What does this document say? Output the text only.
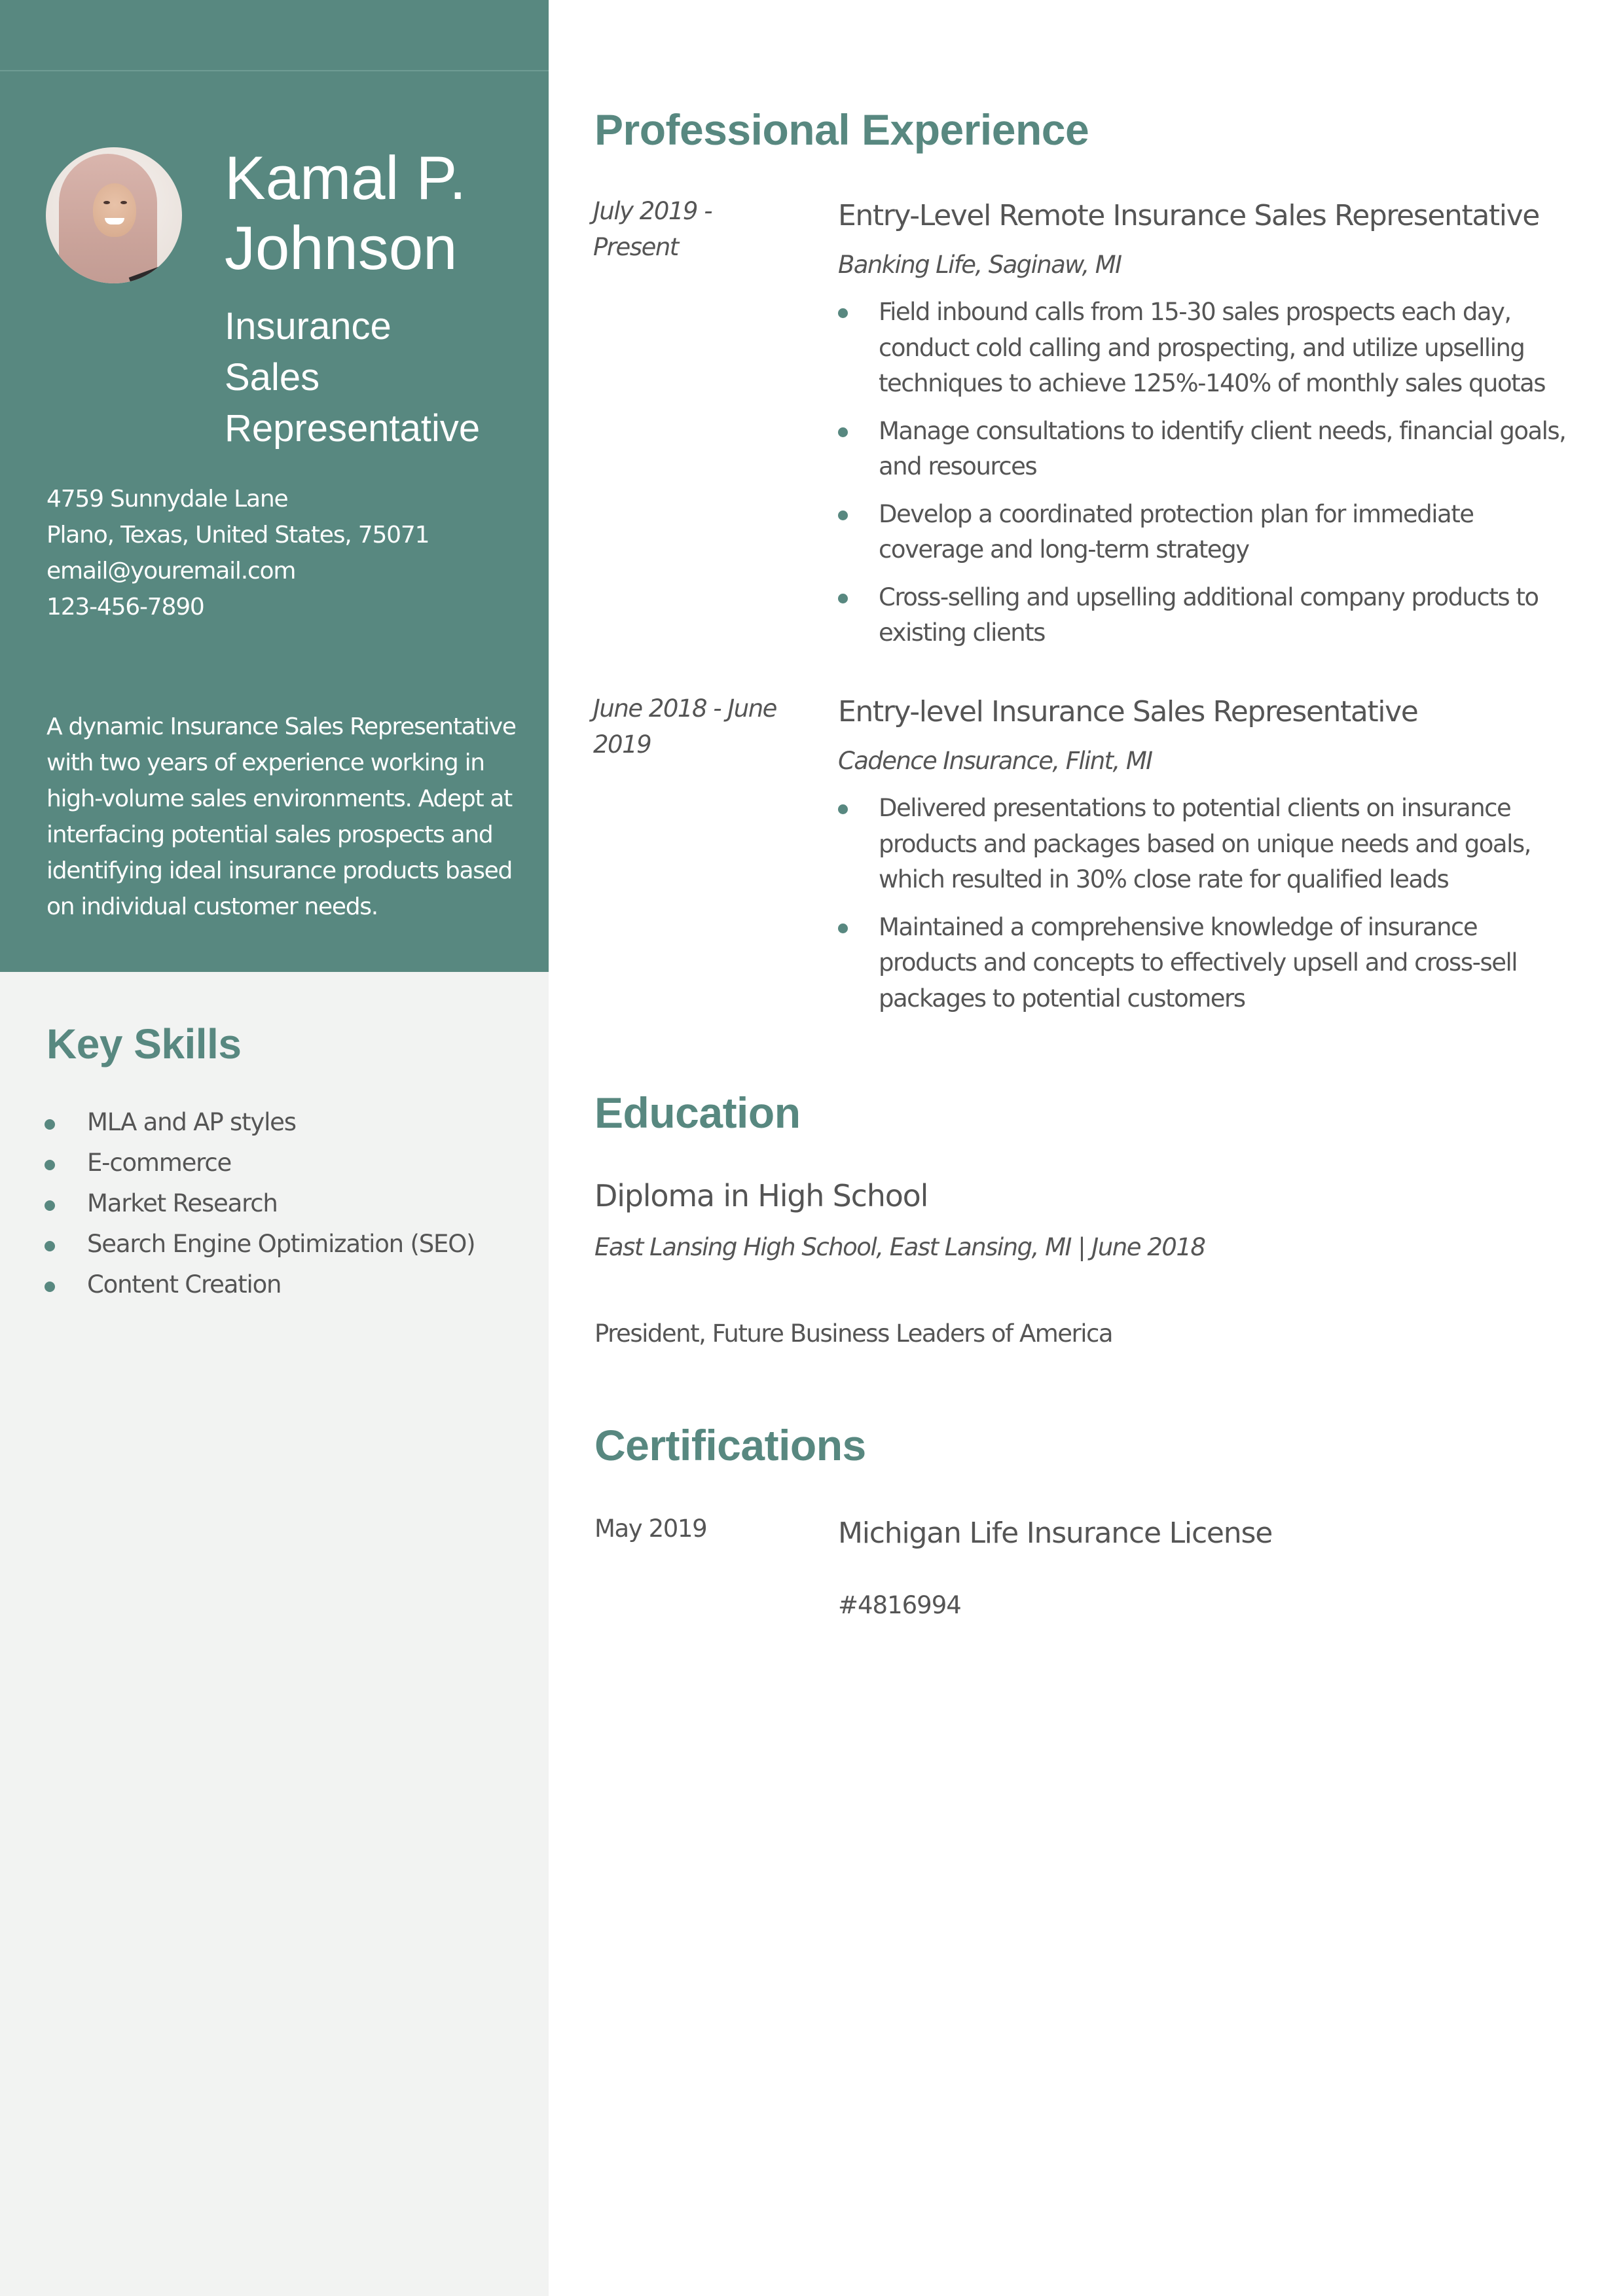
Kamal P.
Johnson
Insurance
Sales
Representative
4759 Sunnydale Lane
Plano, Texas, United States, 75071
email@youremail.com
123-456-7890
A dynamic Insurance Sales Representative with two years of experience working in high-volume sales environments. Adept at interfacing potential sales prospects and identifying ideal insurance products based on individual customer needs.
Key Skills
MLA and AP styles
E-commerce
Market Research
Search Engine Optimization (SEO)
Content Creation
Professional Experience
July 2019 - Present
Entry-Level Remote Insurance Sales Representative
Banking Life, Saginaw, MI
Field inbound calls from 15-30 sales prospects each day, conduct cold calling and prospecting, and utilize upselling techniques to achieve 125%-140% of monthly sales quotas
Manage consultations to identify client needs, financial goals, and resources
Develop a coordinated protection plan for immediate coverage and long-term strategy
Cross-selling and upselling additional company products to existing clients
June 2018 - June 2019
Entry-level Insurance Sales Representative
Cadence Insurance, Flint, MI
Delivered presentations to potential clients on insurance products and packages based on unique needs and goals, which resulted in 30% close rate for qualified leads
Maintained a comprehensive knowledge of insurance products and concepts to effectively upsell and cross-sell packages to potential customers
Education
Diploma in High School
East Lansing High School, East Lansing, MI | June 2018
President, Future Business Leaders of America
Certifications
May 2019	Michigan Life Insurance License
#4816994
